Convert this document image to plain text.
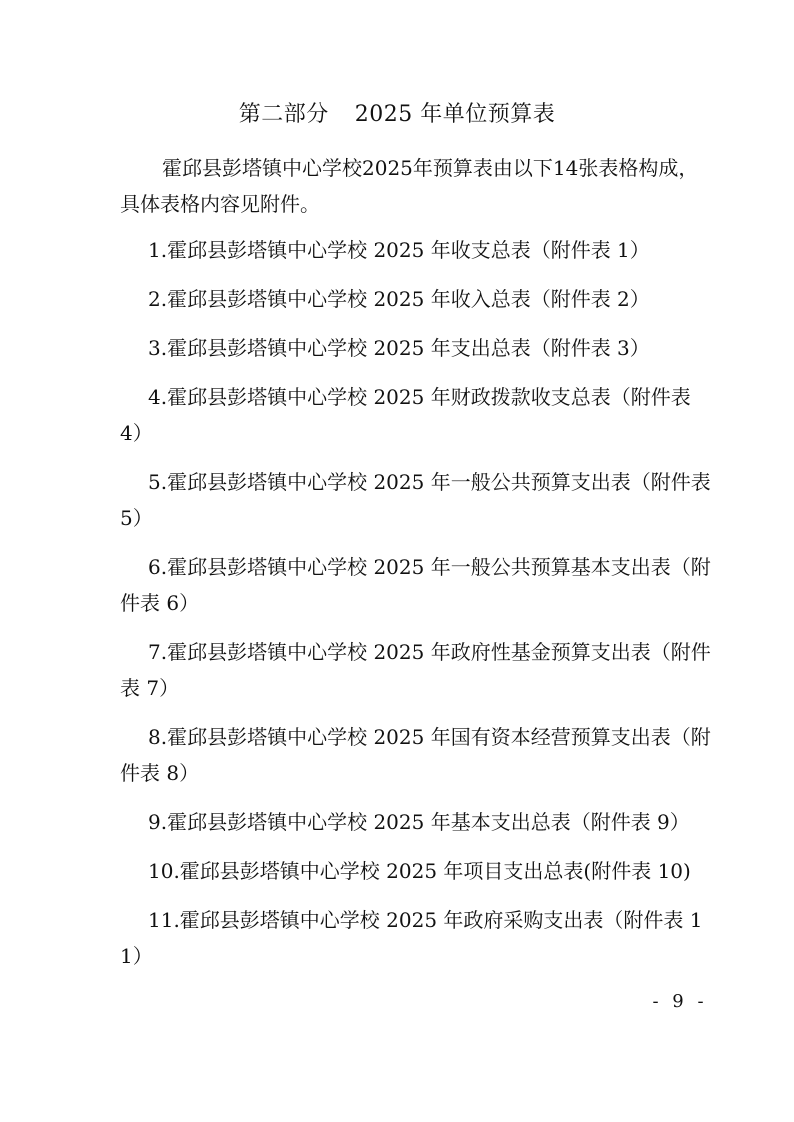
第二部分 2025 年单位预算表

霍邱县彭塔镇中心学校2025年预算表由以下14张表格构成，具体表格内容见附件。

1.霍邱县彭塔镇中心学校 2025 年收支总表（附件表 1）
2.霍邱县彭塔镇中心学校 2025 年收入总表（附件表 2）
3.霍邱县彭塔镇中心学校 2025 年支出总表（附件表 3）
4.霍邱县彭塔镇中心学校 2025 年财政拨款收支总表（附件表 4）
5.霍邱县彭塔镇中心学校 2025 年一般公共预算支出表（附件表 5）
6.霍邱县彭塔镇中心学校 2025 年一般公共预算基本支出表（附件表 6）
7.霍邱县彭塔镇中心学校 2025 年政府性基金预算支出表（附件表 7）
8.霍邱县彭塔镇中心学校 2025 年国有资本经营预算支出表（附件表 8）
9.霍邱县彭塔镇中心学校 2025 年基本支出总表（附件表 9）
10.霍邱县彭塔镇中心学校 2025 年项目支出总表(附件表 10)
11.霍邱县彭塔镇中心学校 2025 年政府采购支出表（附件表 11）
- 9 -
